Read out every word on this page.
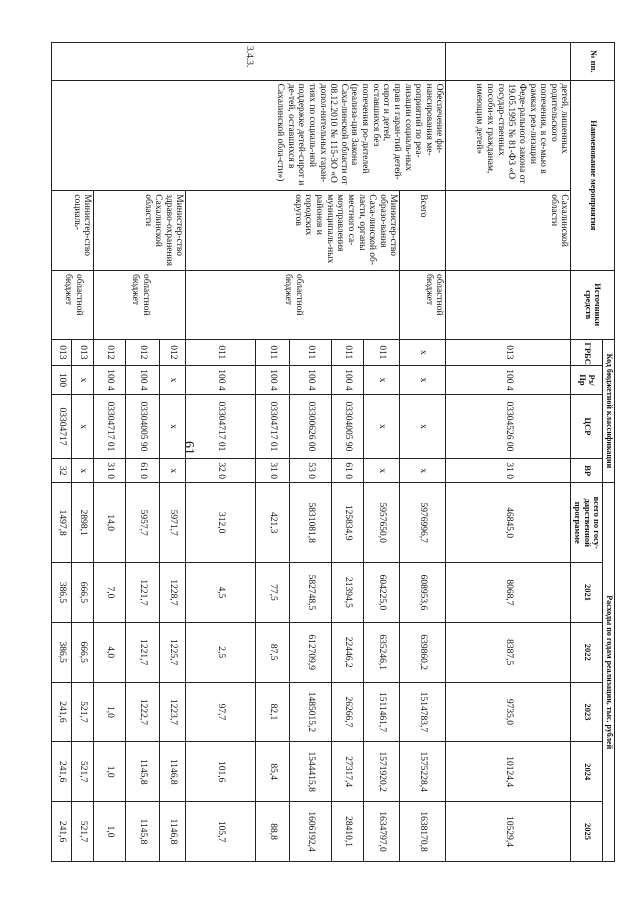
61
№ пп.	Наименование мероприятия		Источники средств	Код бюджетной классификации				Расходы по годам реализации, тыс. рублей					
				ГРБС	Рз/ Пр	ЦСР	ВР	всего по госу-дарственной программе	2021	2022	2023	2024	2025
	детей, лишенных родительского попечения, в се-мью в рамках реа-лизации Феде-рального закона от 19.05.1995 № 81-ФЗ «О государ-ственных пособи-ях гражданам, имеющим детей»	Сахалинской области		013	100 4	03304526 00	31 0	46845,0	8068,7	8387,5	9735,0	10124,4	10529,4
3.4.3.	Обеспечение фи-нансирования ме-роприятий по реа-лизации социаль-ных прав и гаран-тий детей-сирот и детей, оставшихся без попечения ро-дителей (реализа-ция Закона Саха-линской области от 08.12.2010 № 115-ЗО «О допол-нительных гаран-тиях по социаль-ной поддержке детей-сирот и де-тей, оставшихся в Сахалинской обла-сти»)	Всего	областной бюджет	х	х	х	х	5976996,7	608953,6	639860,2	1514783,7	1575228,4	1638170,8
		Министер-ство образо-вания Саха-линской об-ласти, органы местного са-моуправления муниципаль-ных районов и городских округов	областной бюджет	011	х	х	х	5957650,0	604225,0	635246,1	1511461,7	1571920,2	1634797,0
				011	100 4	03304005 90	61 0	125834,9	21394,5	22446,2	26266,7	27317,4	28410,1
				011	100 4	03300626 00	53 0	5831081,8	582748,5	612709,9	1485015,2	1544415,8	1606192,4
				011	100 4	03304717 01	31 0	421,3	77,5	87,5	82,1	85,4	88,8
				011	100 4	03304717 01	32 0	312,0	4,5	2,5	97,7	101,6	105,7
		Министер-ство здраво-охранения Сахалинской области	областной бюджет	012	х	х	х	5971,7	1228,7	1225,7	1223,7	1146,8	1146,8
				012	100 4	03304005 90	61 0	5957,7	1221,7	1221,7	1222,7	1145,8	1145,8
				012	100 4	03304717 01	31 0	14,0	7,0	4,0	1,0	1,0	1,0
		Министер-ство социаль-	областной бюджет	013	х	х	х	2898,1	666,5	666,5	521,7	521,7	521,7
				013	100	03304717	32	1497,8	386,5	386,5	241,6	241,6	241,6
